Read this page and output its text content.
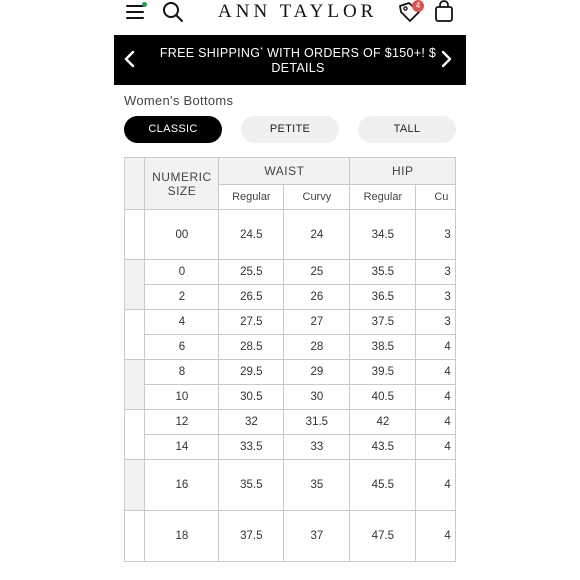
ANN TAYLOR	4
FREE SHIPPING* WITH ORDERS OF $150+! $
DETAILS
Women's Bottoms
CLASSIC	PETITE	TALL
	NUMERIC SIZE	WAIST		HIP	
		Regular	Curvy	Regular	Cu
	00	24.5	24	34.5	3
	0	25.5	25	35.5	3
	2	26.5	26	36.5	3
	4	27.5	27	37.5	3
	6	28.5	28	38.5	4
	8	29.5	29	39.5	4
	10	30.5	30	40.5	4
	12	32	31.5	42	4
	14	33.5	33	43.5	4
	16	35.5	35	45.5	4
	18	37.5	37	47.5	4
